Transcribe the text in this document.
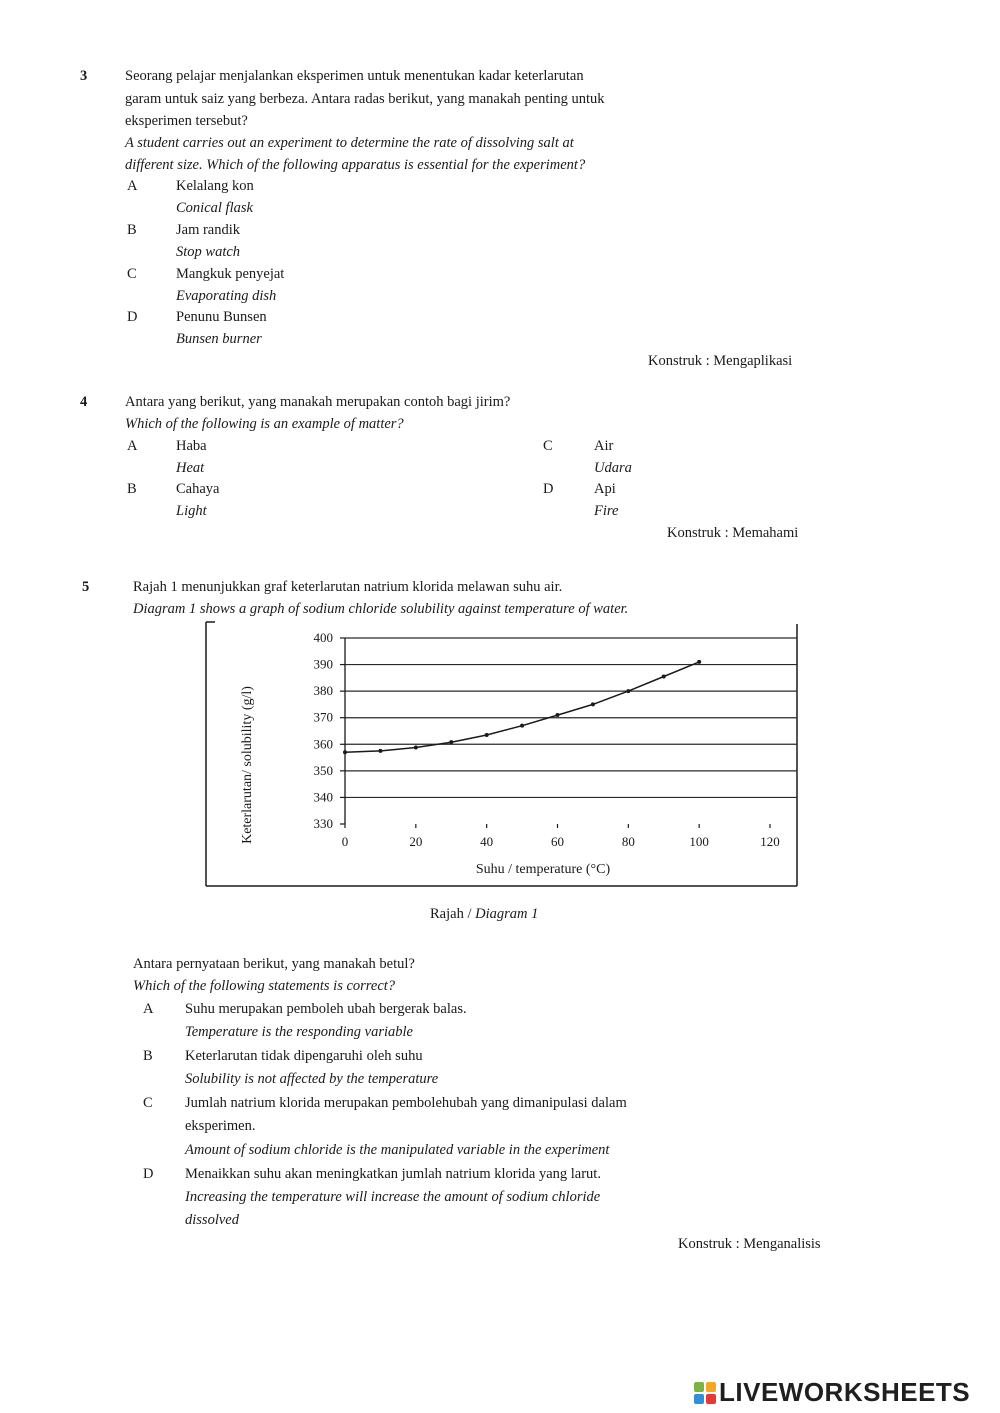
3	Seorang pelajar menjalankan eksperimen untuk menentukan kadar keterlarutan
garam untuk saiz yang berbeza. Antara radas berikut, yang manakah penting untuk
eksperimen tersebut?
A student carries out an experiment to determine the rate of dissolving salt at
different size. Which of the following apparatus is essential for the experiment?
A	Kelalang kon
Conical flask
B	Jam randik
Stop watch
C	Mangkuk penyejat
Evaporating dish
D	Penunu Bunsen
Bunsen burner
Konstruk : Mengaplikasi
4	Antara yang berikut, yang manakah merupakan contoh bagi jirim?
Which of the following is an example of matter?
A	Haba
Heat
B	Cahaya
Light
C	Air
Udara
D	Api
Fire
Konstruk : Memahami
5	Rajah 1 menunjukkan graf keterlarutan natrium klorida melawan suhu air.
Diagram 1 shows a graph of sodium chloride solubility against temperature of water.
330
340
350
360
370
380
390
400
0	20	40	60	80	100	120
Suhu / temperature (°C)
Keterlarutan/ solubility (g/l)
Rajah / Diagram 1
Antara pernyataan berikut, yang manakah betul?
Which of the following statements is correct?
A Suhu merupakan pemboleh ubah bergerak balas.
Temperature is the responding variable
B Keterlarutan tidak dipengaruhi oleh suhu
Solubility is not affected by the temperature
C Jumlah natrium klorida merupakan pembolehubah yang dimanipulasi dalam
eksperimen.
Amount of sodium chloride is the manipulated variable in the experiment
D Menaikkan suhu akan meningkatkan jumlah natrium klorida yang larut.
Increasing the temperature will increase the amount of sodium chloride
dissolved
Konstruk : Menganalisis
LIVEWORKSHEETS
